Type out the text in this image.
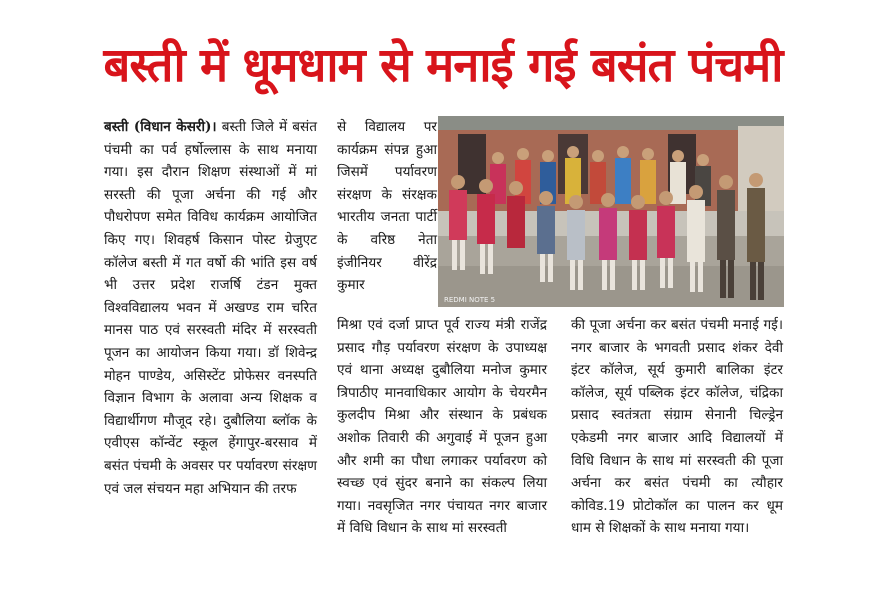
बस्ती में धूमधाम से मनाई गई बसंत पंचमी

बस्ती (विधान केसरी)। बस्ती जिले में बसंत पंचमी का पर्व हर्षोल्लास के साथ मनाया गया। इस दौरान शिक्षण संस्थाओं में मां सरस्ती की पूजा अर्चना की गई और पौधरोपण समेत विविध कार्यक्रम आयोजित किए गए। शिवहर्ष किसान पोस्ट ग्रेजुएट कॉलेज बस्ती में गत वर्षो की भांति इस वर्ष भी उत्तर प्रदेश राजर्षि टंडन मुक्त विश्वविद्यालय भवन में अखण्ड राम चरित मानस पाठ एवं सरस्वती मंदिर में सरस्वती पूजन का आयोजन किया गया। डॉ शिवेन्द्र मोहन पाण्डेय, असिस्टेंट प्रोफेसर वनस्पति विज्ञान विभाग के अलावा अन्य शिक्षक व विद्यार्थीगण मौजूद रहे। दुबौलिया ब्लॉक के एवीएस कॉन्वेंट स्कूल हेंगापुर-बरसाव में बसंत पंचमी के अवसर पर पर्यावरण संरक्षण एवं जल संचयन महा अभियान की तरफ

से विद्यालय पर कार्यक्रम संपन्न हुआ जिसमें पर्यावरण संरक्षण के संरक्षक भारतीय जनता पार्टी के वरिष्ठ नेता इंजीनियर वीरेंद्र कुमार

REDMI NOTE 5

मिश्रा एवं दर्जा प्राप्त पूर्व राज्य मंत्री राजेंद्र प्रसाद गौड़ पर्यावरण संरक्षण के उपाध्यक्ष एवं थाना अध्यक्ष दुबौलिया मनोज कुमार त्रिपाठीए मानवाधिकार आयोग के चेयरमैन कुलदीप मिश्रा और संस्थान के प्रबंधक अशोक तिवारी की अगुवाई में पूजन हुआ और शमी का पौधा लगाकर पर्यावरण को स्वच्छ एवं सुंदर बनाने का संकल्प लिया गया। नवसृजित नगर पंचायत नगर बाजार में विधि विधान के साथ मां सरस्वती

की पूजा अर्चना कर बसंत पंचमी मनाई गई। नगर बाजार के भगवती प्रसाद शंकर देवी इंटर कॉलेज, सूर्य कुमारी बालिका इंटर कॉलेज, सूर्य पब्लिक इंटर कॉलेज, चंद्रिका प्रसाद स्वतंत्रता संग्राम सेनानी चिल्ड्रेन एकेडमी नगर बाजार आदि विद्यालयों में विधि विधान के साथ मां सरस्वती की पूजा अर्चना कर बसंत पंचमी का त्यौहार कोविड.19 प्रोटोकॉल का पालन कर धूम धाम से शिक्षकों के साथ मनाया गया।
